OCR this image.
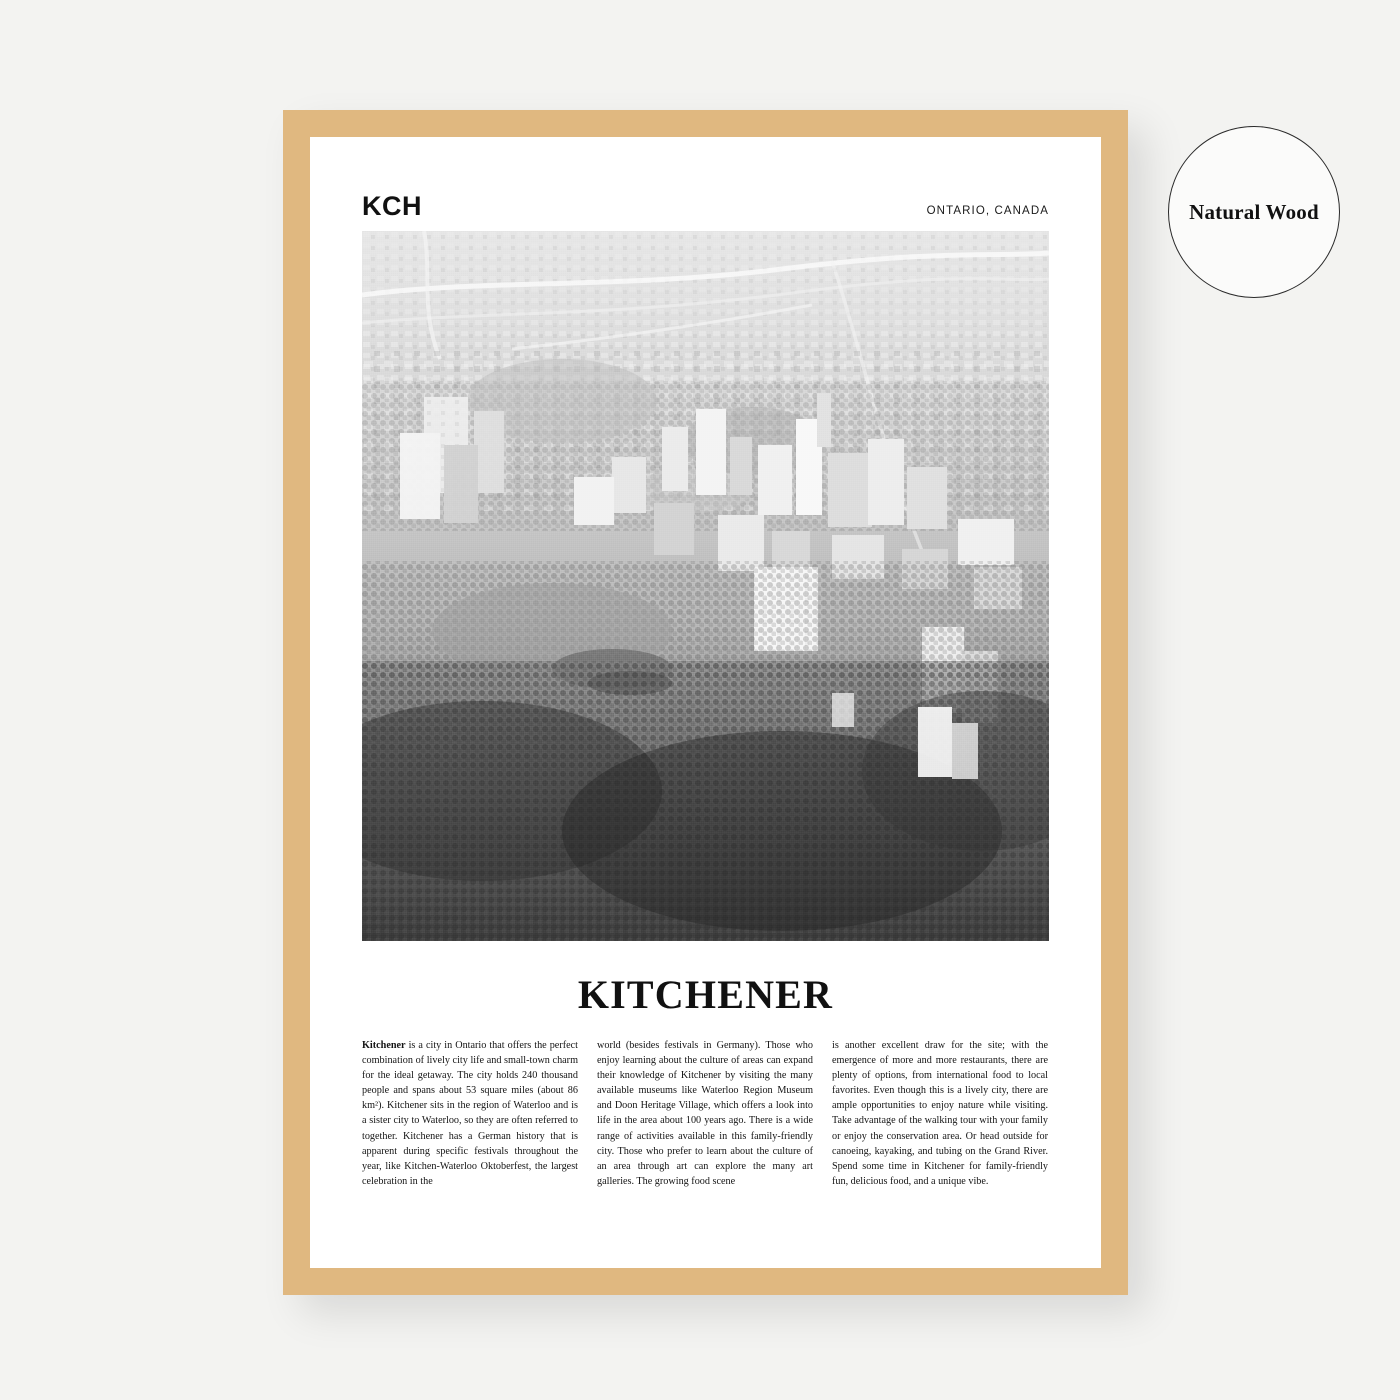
KCH	ONTARIO, CANADA
KITCHENER
Kitchener is a city in Ontario that offers the perfect combination of lively city life and small-town charm for the ideal getaway. The city holds 240 thousand people and spans about 53 square miles (about 86 km²). Kitchener sits in the region of Waterloo and is a sister city to Waterloo, so they are often referred to together. Kitchener has a German history that is apparent during specific festivals throughout the year, like Kitchen-Waterloo Oktoberfest, the largest celebration in the
world (besides festivals in Germany). Those who enjoy learning about the culture of areas can expand their knowledge of Kitchener by visiting the many available museums like Waterloo Region Museum and Doon Heritage Village, which offers a look into life in the area about 100 years ago. There is a wide range of activities available in this family-friendly city. Those who prefer to learn about the culture of an area through art can explore the many art galleries. The growing food scene
is another excellent draw for the site; with the emergence of more and more restaurants, there are plenty of options, from international food to local favorites. Even though this is a lively city, there are ample opportunities to enjoy nature while visiting. Take advantage of the walking tour with your family or enjoy the conservation area. Or head outside for canoeing, kayaking, and tubing on the Grand River. Spend some time in Kitchener for family-friendly fun, delicious food, and a unique vibe.
Natural Wood
